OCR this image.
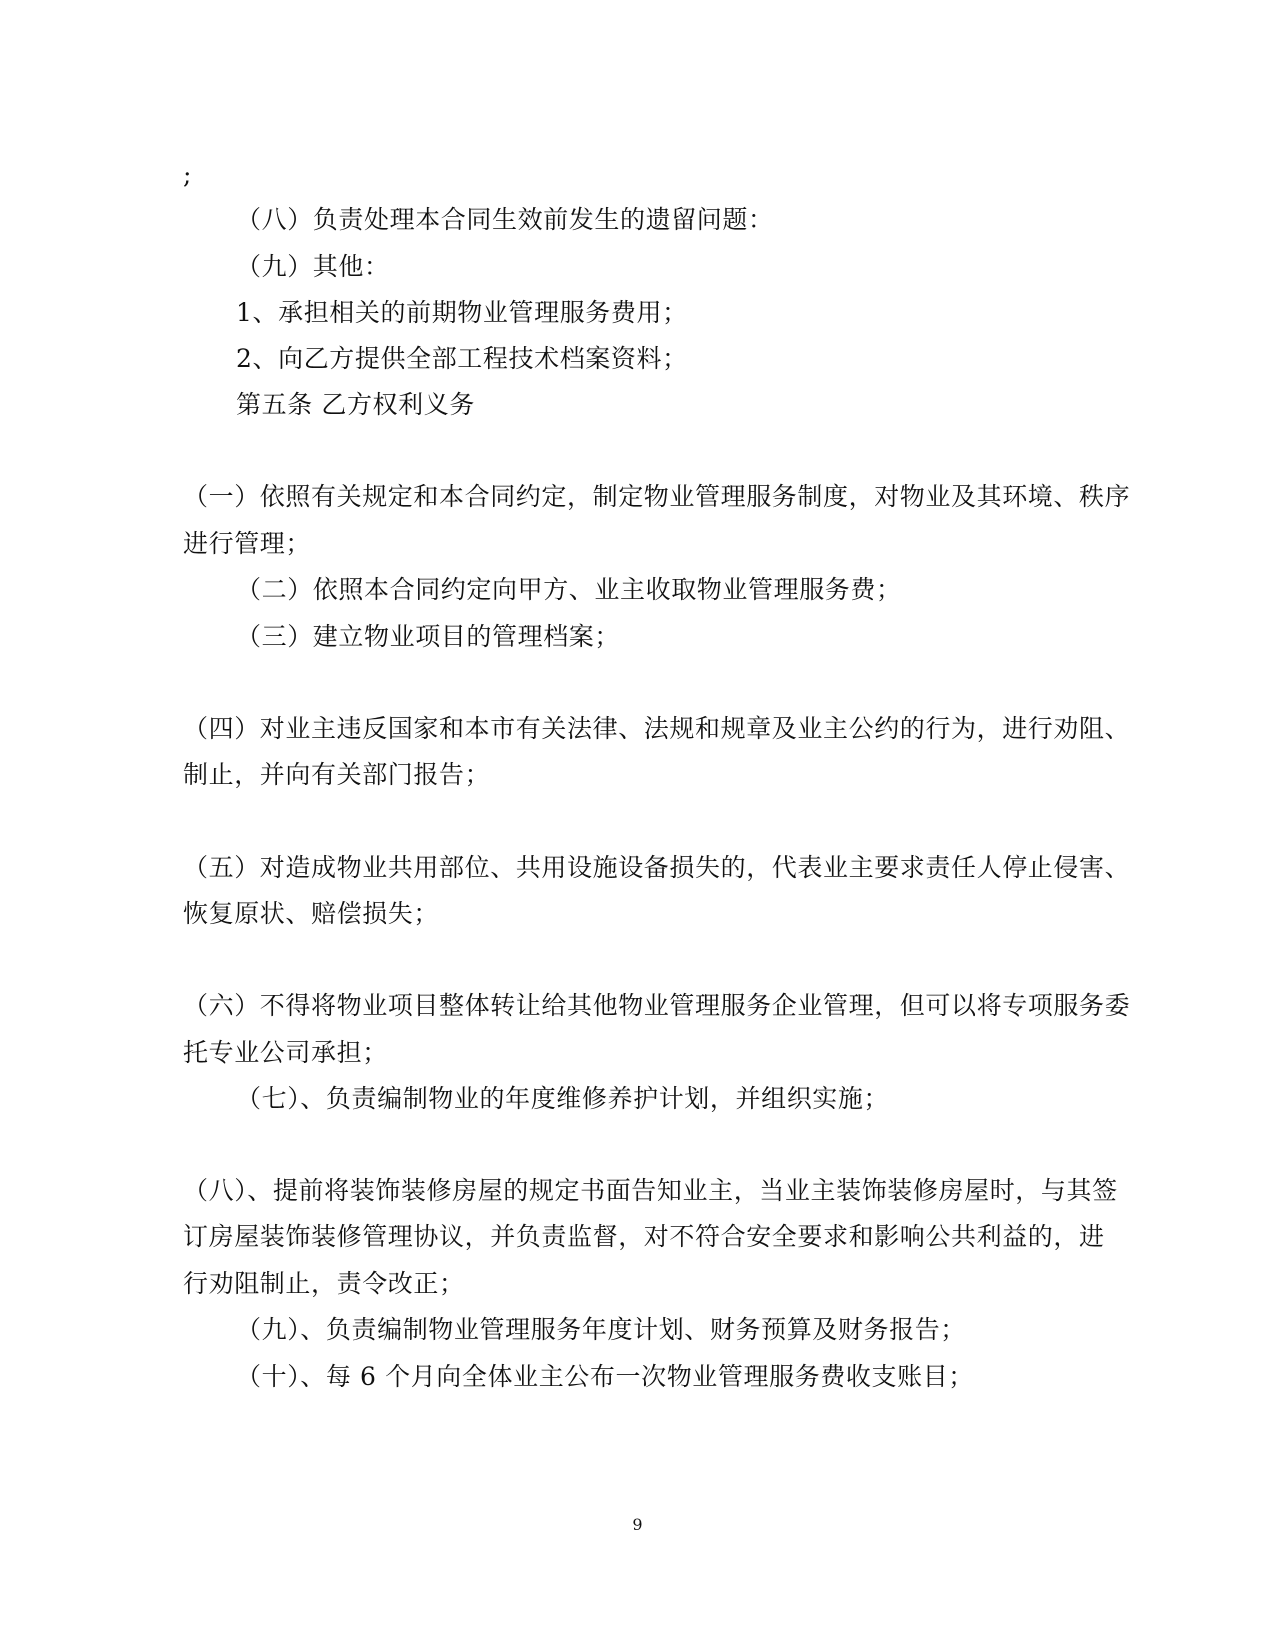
;
（八）负责处理本合同生效前发生的遗留问题：
（九）其他：
1、承担相关的前期物业管理服务费用；
2、向乙方提供全部工程技术档案资料；
第五条 乙方权利义务
（一）依照有关规定和本合同约定，制定物业管理服务制度，对物业及其环境、秩序
进行管理；
（二）依照本合同约定向甲方、业主收取物业管理服务费；
（三）建立物业项目的管理档案；
（四）对业主违反国家和本市有关法律、法规和规章及业主公约的行为，进行劝阻、
制止，并向有关部门报告；
（五）对造成物业共用部位、共用设施设备损失的，代表业主要求责任人停止侵害、
恢复原状、赔偿损失；
（六）不得将物业项目整体转让给其他物业管理服务企业管理，但可以将专项服务委
托专业公司承担；
（七）、负责编制物业的年度维修养护计划，并组织实施；
（八）、提前将装饰装修房屋的规定书面告知业主，当业主装饰装修房屋时，与其签
订房屋装饰装修管理协议，并负责监督，对不符合安全要求和影响公共利益的，进
行劝阻制止，责令改正；
（九）、负责编制物业管理服务年度计划、财务预算及财务报告；
（十）、每 6 个月向全体业主公布一次物业管理服务费收支账目；
9
